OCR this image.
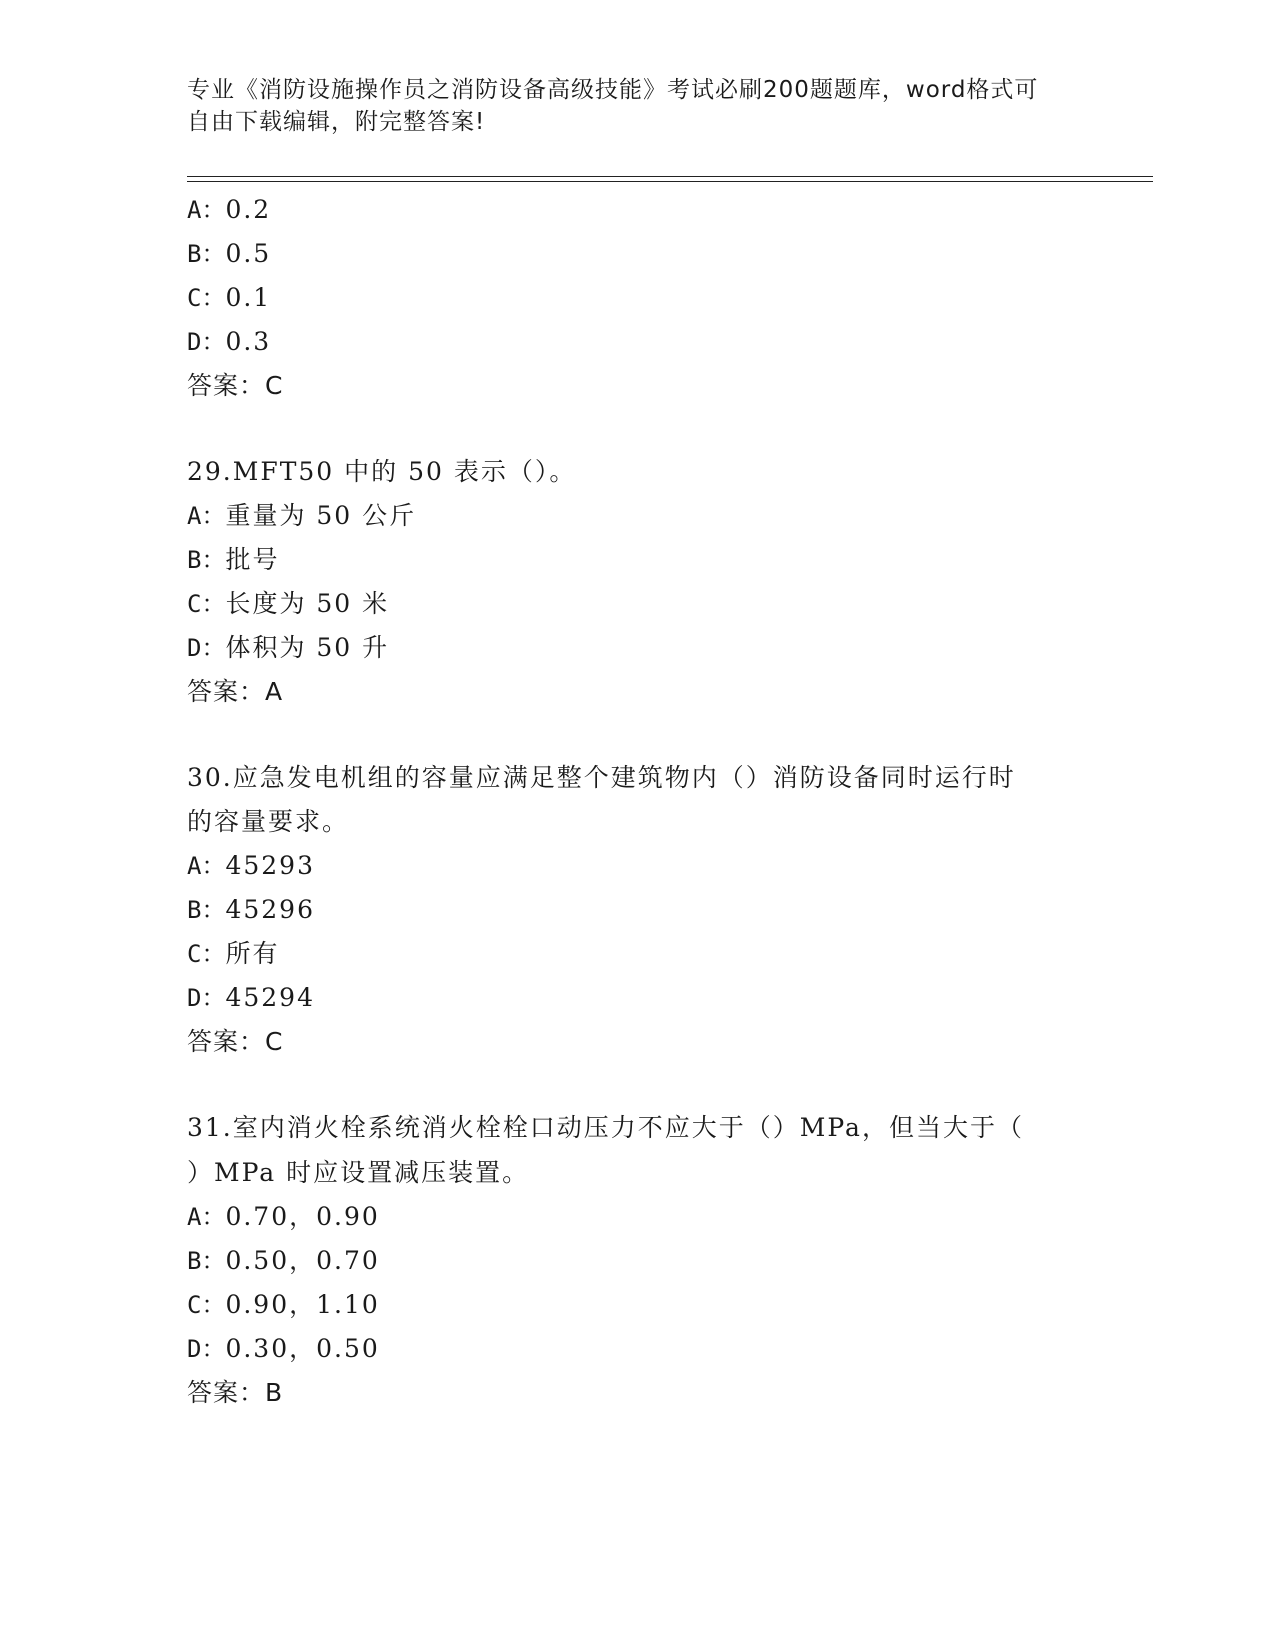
专业《消防设施操作员之消防设备高级技能》考试必刷200题题库，word格式可
自由下载编辑，附完整答案!
A：0.2
B：0.5
C：0.1
D：0.3
答案：C
29.MFT50 中的 50 表示（）。
A：重量为 50 公斤
B：批号
C：长度为 50 米
D：体积为 50 升
答案：A
30.应急发电机组的容量应满足整个建筑物内（）消防设备同时运行时
的容量要求。
A：45293
B：45296
C：所有
D：45294
答案：C
31.室内消火栓系统消火栓栓口动压力不应大于（）MPa，但当大于（
）MPa 时应设置减压装置。
A：0.70，0.90
B：0.50，0.70
C：0.90，1.10
D：0.30，0.50
答案：B
